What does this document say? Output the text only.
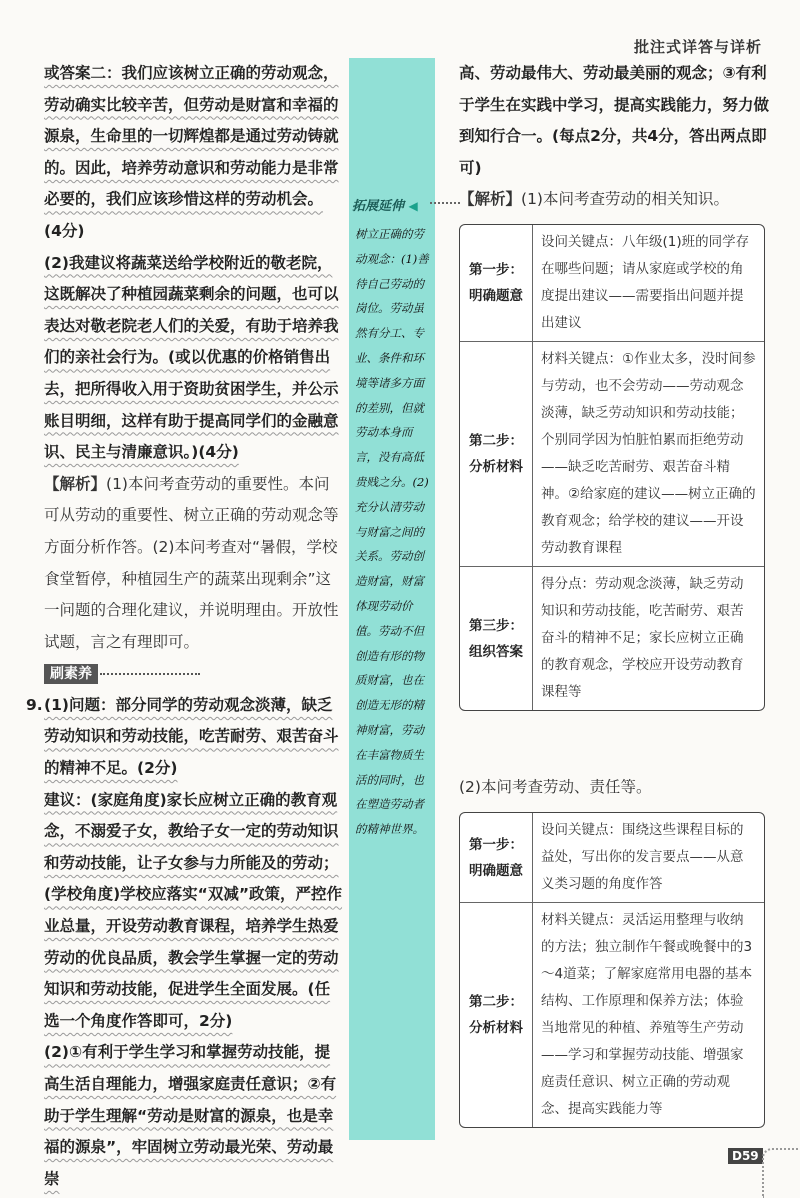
批注式详答与详析

或答案二：我们应该树立正确的劳动观念，劳动确实比较辛苦，但劳动是财富和幸福的源泉，生命里的一切辉煌都是通过劳动铸就的。因此，培养劳动意识和劳动能力是非常必要的，我们应该珍惜这样的劳动机会。

(4分)

(2)我建议将蔬菜送给学校附近的敬老院，这既解决了种植园蔬菜剩余的问题，也可以表达对敬老院老人们的关爱，有助于培养我们的亲社会行为。(或以优惠的价格销售出去，把所得收入用于资助贫困学生，并公示账目明细，这样有助于提高同学们的金融意识、民主与清廉意识。)(4分)

【解析】(1)本问考查劳动的重要性。本问可从劳动的重要性、树立正确的劳动观念等方面分析作答。(2)本问考查对“暑假，学校食堂暂停，种植园生产的蔬菜出现剩余”这一问题的合理化建议，并说明理由。开放性试题，言之有理即可。

刷素养

9. (1)问题：部分同学的劳动观念淡薄，缺乏劳动知识和劳动技能，吃苦耐劳、艰苦奋斗的精神不足。(2分)

建议：(家庭角度)家长应树立正确的教育观念，不溺爱子女，教给子女一定的劳动知识和劳动技能，让子女参与力所能及的劳动；(学校角度)学校应落实“双减”政策，严控作业总量，开设劳动教育课程，培养学生热爱劳动的优良品质，教会学生掌握一定的劳动知识和劳动技能，促进学生全面发展。(任选一个角度作答即可，2分)

(2)①有利于学生学习和掌握劳动技能，提高生活自理能力，增强家庭责任意识；②有助于学生理解“劳动是财富的源泉，也是幸福的源泉”，牢固树立劳动最光荣、劳动最崇

拓展延伸 ◀
树立正确的劳动观念：(1)善待自己劳动的岗位。劳动虽然有分工、专业、条件和环境等诸多方面的差别，但就劳动本身而言，没有高低贵贱之分。(2)充分认清劳动与财富之间的关系。劳动创造财富，财富体现劳动价值。劳动不但创造有形的物质财富，也在创造无形的精神财富，劳动在丰富物质生活的同时，也在塑造劳动者的精神世界。

高、劳动最伟大、劳动最美丽的观念；③有利于学生在实践中学习，提高实践能力，努力做到知行合一。(每点2分，共4分，答出两点即可)

【解析】(1)本问考查劳动的相关知识。

第一步：
明确题意
设问关键点：八年级(1)班的同学存在哪些问题；请从家庭或学校的角度提出建议——需要指出问题并提出建议
第二步：
分析材料
材料关键点：①作业太多，没时间参与劳动，也不会劳动——劳动观念淡薄，缺乏劳动知识和劳动技能；个别同学因为怕脏怕累而拒绝劳动——缺乏吃苦耐劳、艰苦奋斗精神。②给家庭的建议——树立正确的教育观念；给学校的建议——开设劳动教育课程
第三步：
组织答案
得分点：劳动观念淡薄，缺乏劳动知识和劳动技能，吃苦耐劳、艰苦奋斗的精神不足；家长应树立正确的教育观念，学校应开设劳动教育课程等

(2)本问考查劳动、责任等。

第一步：
明确题意
设问关键点：围绕这些课程目标的益处，写出你的发言要点——从意义类习题的角度作答
第二步：
分析材料
材料关键点：灵活运用整理与收纳的方法；独立制作午餐或晚餐中的3～4道菜；了解家庭常用电器的基本结构、工作原理和保养方法；体验当地常见的种植、养殖等生产劳动——学习和掌握劳动技能、增强家庭责任意识、树立正确的劳动观念、提高实践能力等
D59
